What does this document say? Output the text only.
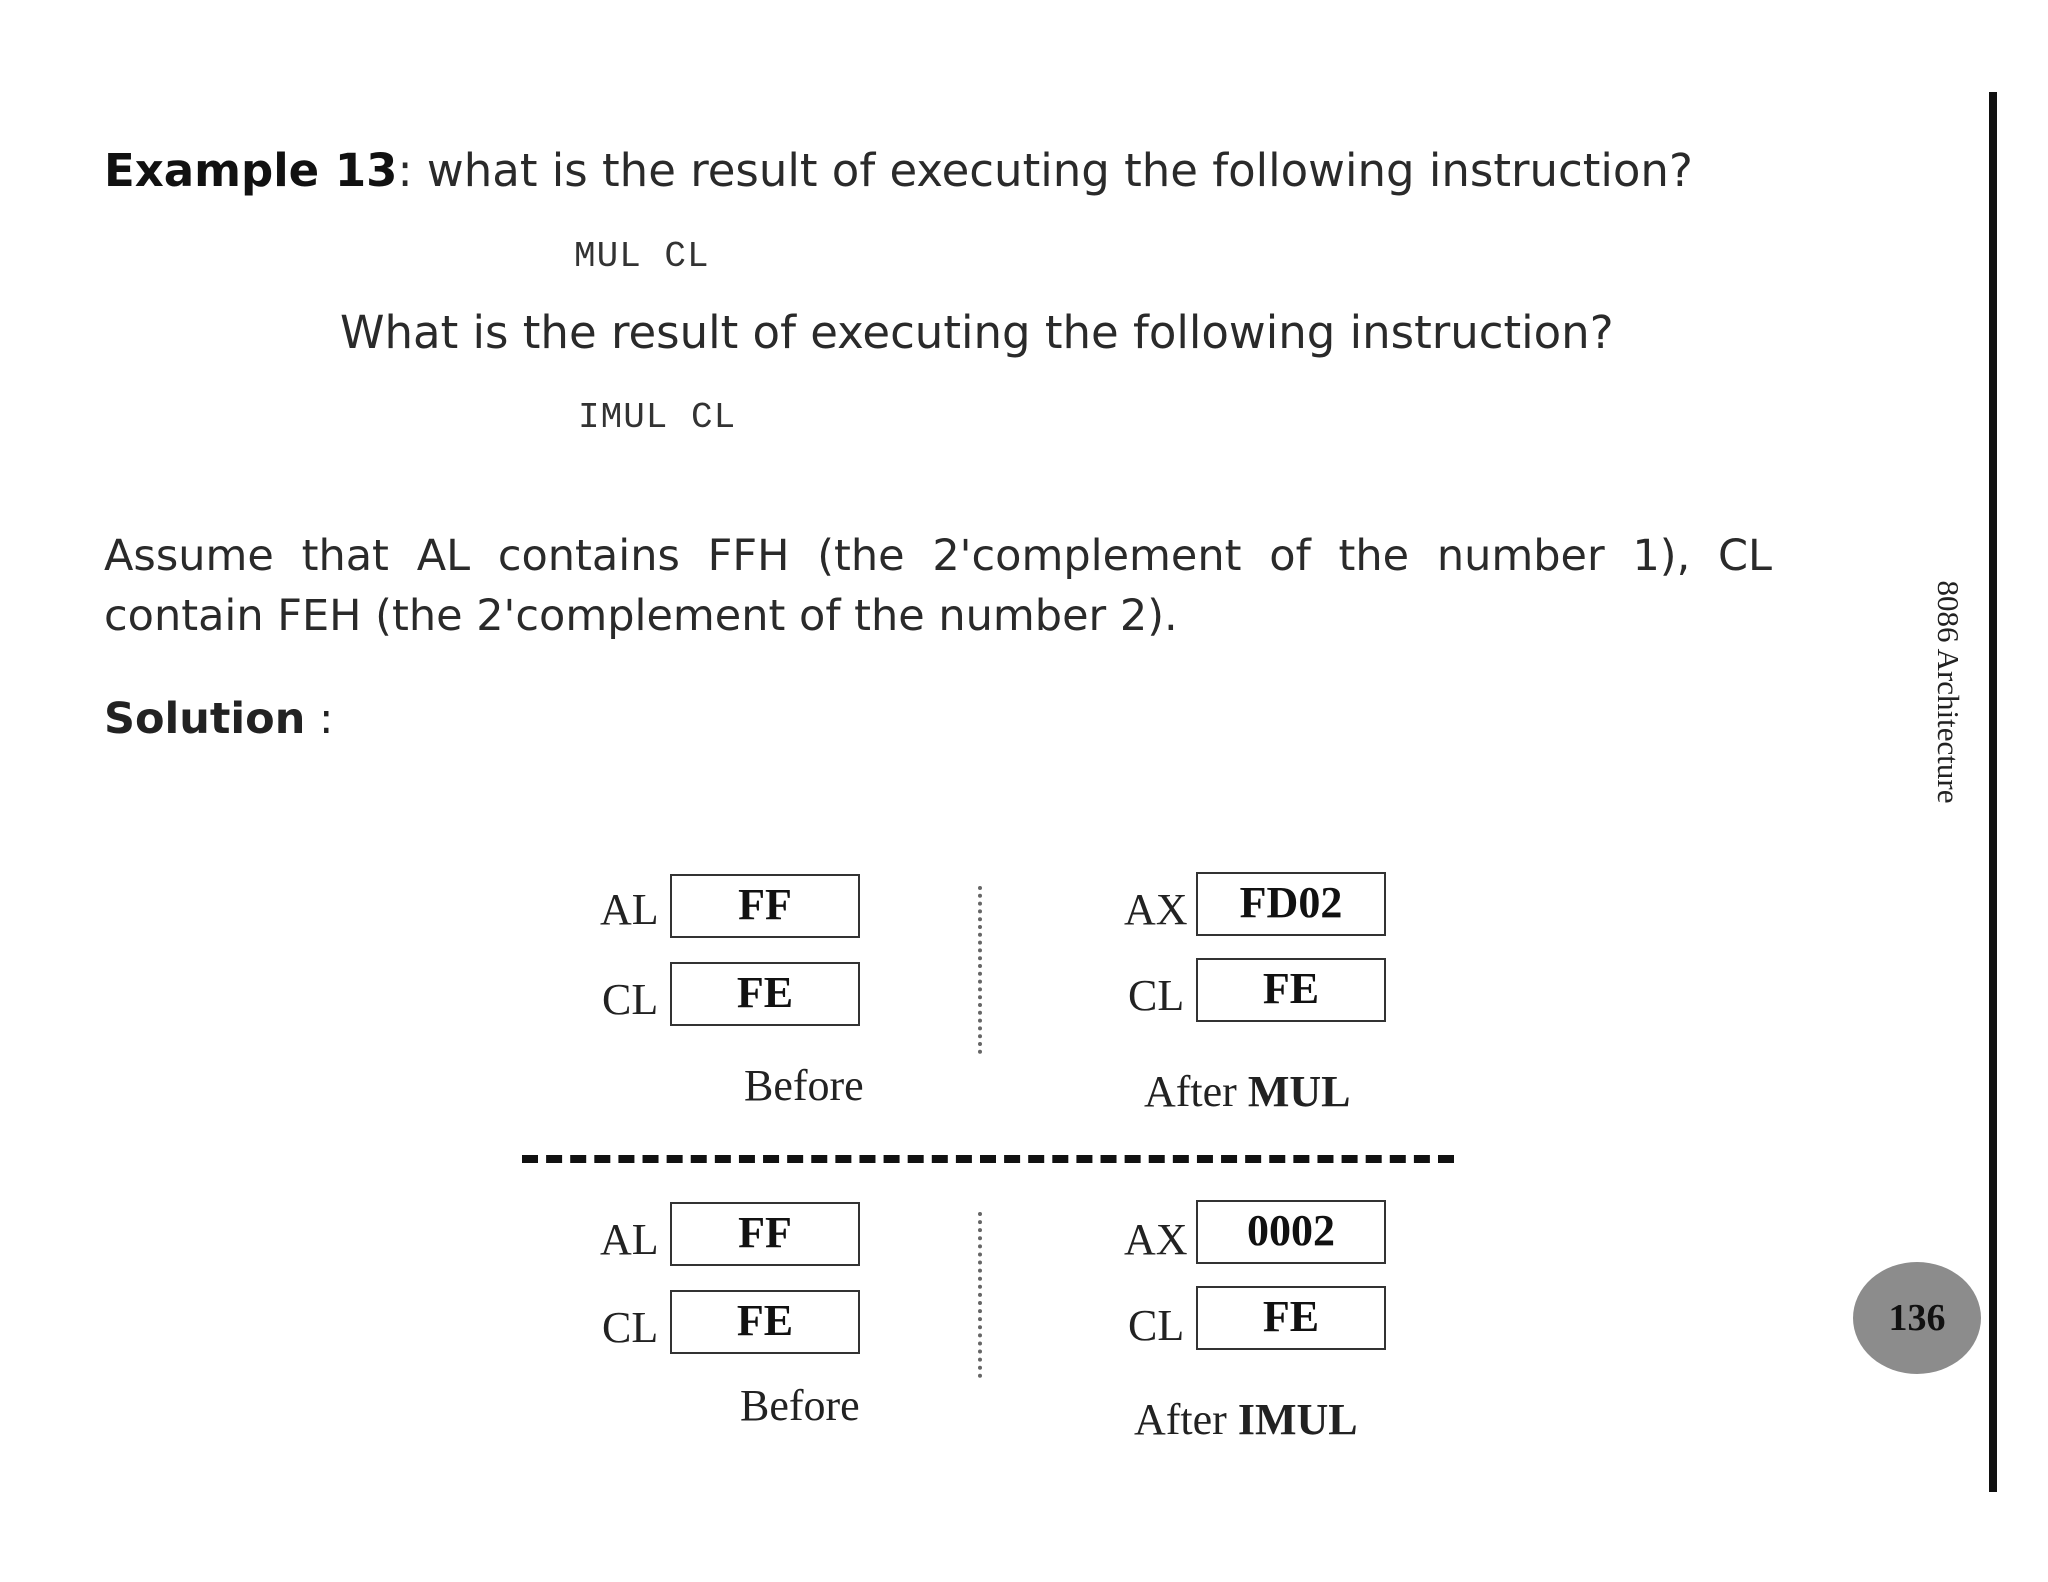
Example 13: what is the result of executing the following instruction?
MUL CL
What is the result of executing the following instruction?
IMUL CL
Assume that AL contains FFH (the 2'complement of the number 1), CL
contain FEH (the 2'complement of the number 2).
Solution :
AL	FF
CL	FE
Before
AX	FD02
CL	FE
After MUL
AL	FF
CL	FE
Before
AX	0002
CL	FE
After IMUL
8086 Architecture
136
